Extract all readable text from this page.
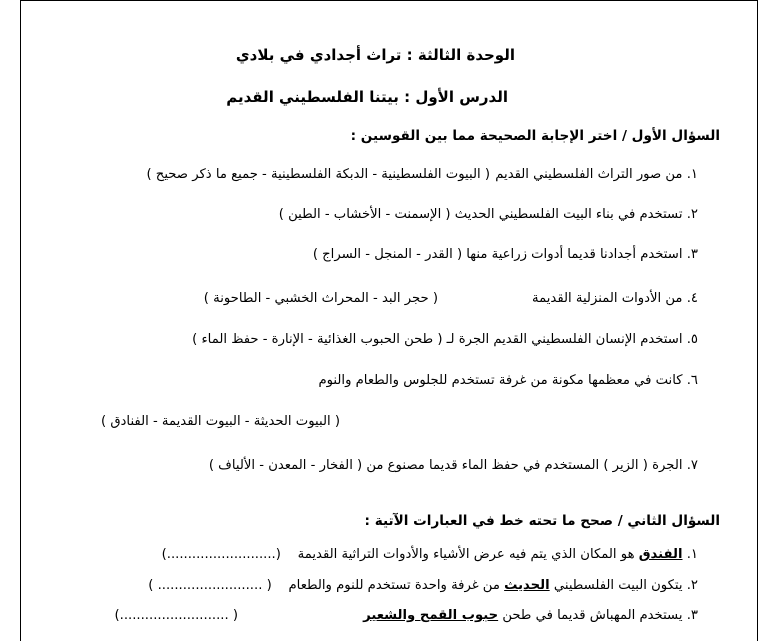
الوحدة الثالثة : تراث أجدادي في بلادي
الدرس الأول : بيتنا الفلسطيني القديم
السؤال الأول / اختر الإجابة الصحيحة مما بين القوسين :
١. من صور التراث الفلسطيني القديم
( البيوت الفلسطينية - الدبكة الفلسطينية - جميع ما ذكر صحيح )
٢. تستخدم في بناء البيت الفلسطيني الحديث ( الإسمنت - الأخشاب - الطين )
٣. استخدم أجدادنا قديما أدوات زراعية منها ( القدر - المنجل - السراج )
٤. من الأدوات المنزلية القديمة
( حجر البد - المحراث الخشبي - الطاحونة )
٥. استخدم الإنسان الفلسطيني القديم الجرة لـ ( طحن الحبوب الغذائية - الإنارة - حفظ الماء )
٦. كانت في معظمها مكونة من غرفة تستخدم للجلوس والطعام والنوم
( البيوت الحديثة - البيوت القديمة - الفنادق )
٧. الجرة ( الزير ) المستخدم في حفظ الماء قديما مصنوع من ( الفخار - المعدن - الألياف )
السؤال الثاني / صحح ما تحته خط في العبارات الآتية :
١. الفندق هو المكان الذي يتم فيه عرض الأشياء والأدوات التراثية القديمة    (..........................)
٢. يتكون البيت الفلسطيني الحديث من غرفة واحدة تستخدم للنوم والطعام    ( ......................... )
٣. يستخدم المهباش قديما في طحن حبوب القمح والشعير
( ..........................)
